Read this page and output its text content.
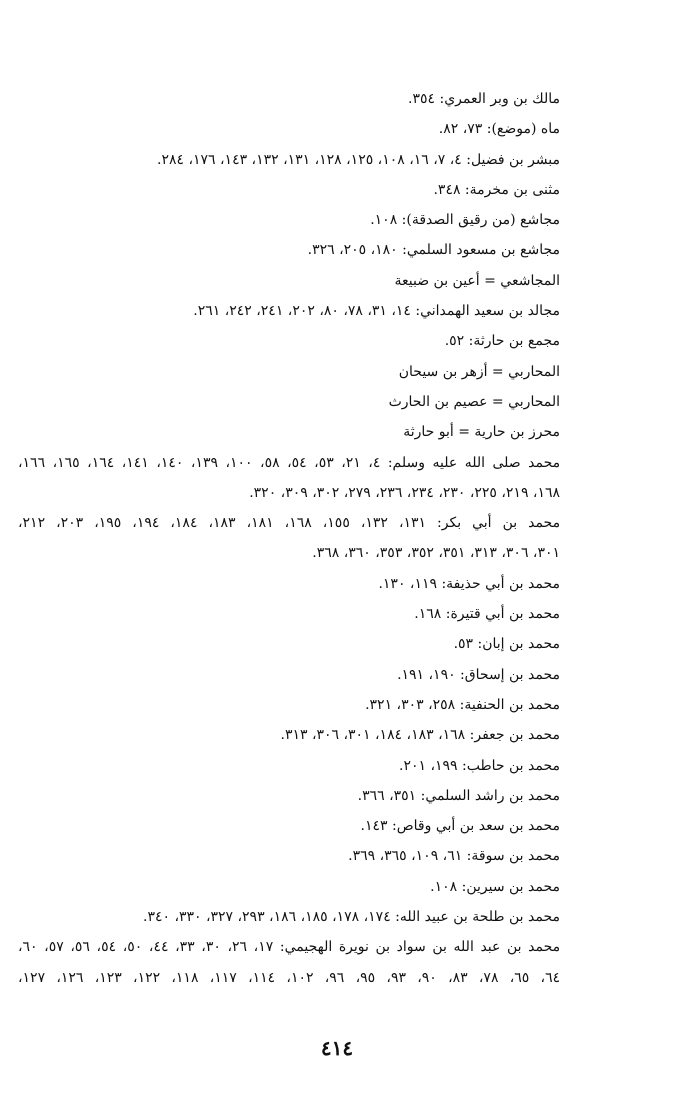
مالك بن وبر العمري: ٣٥٤.
ماه (موضع): ٧٣، ٨٢.
مبشر بن فضيل: ٤، ٧، ١٦، ١٠٨، ١٢٥، ١٢٨، ١٣١، ١٣٢، ١٤٣، ١٧٦، ٢٨٤.
مثنى بن مخرمة: ٣٤٨.
مجاشع (من رقيق الصدقة): ١٠٨.
مجاشع بن مسعود السلمي: ١٨٠، ٢٠٥، ٣٢٦.
المجاشعي = أعين بن ضبيعة
مجالد بن سعيد الهمداني: ١٤، ٣١، ٧٨، ٨٠، ٢٠٢، ٢٤١، ٢٤٢، ٢٦١.
مجمع بن حارثة: ٥٢.
المحاربي = أزهر بن سيحان
المحاربي = عصيم بن الحارث
محرز بن حارية = أبو حارثة
محمد صلى الله عليه وسلم: ٤، ٢١، ٥٣، ٥٤، ٥٨، ١٠٠، ١٣٩، ١٤٠، ١٤١، ١٦٤، ١٦٥، ١٦٦،
١٦٨، ٢١٩، ٢٢٥، ٢٣٠، ٢٣٤، ٢٣٦، ٢٧٩، ٣٠٢، ٣٠٩، ٣٢٠.
محمد بن أبي بكر: ١٣١، ١٣٢، ١٥٥، ١٦٨، ١٨١، ١٨٣، ١٨٤، ١٩٤، ١٩٥، ٢٠٣، ٢١٢،
٣٠١، ٣٠٦، ٣١٣، ٣٥١، ٣٥٢، ٣٥٣، ٣٦٠، ٣٦٨.
محمد بن أبي حذيفة: ١١٩، ١٣٠.
محمد بن أبي قتيرة: ١٦٨.
محمد بن إبان: ٥٣.
محمد بن إسحاق: ١٩٠، ١٩١.
محمد بن الحنفية: ٢٥٨، ٣٠٣، ٣٢١.
محمد بن جعفر: ١٦٨، ١٨٣، ١٨٤، ٣٠١، ٣٠٦، ٣١٣.
محمد بن حاطب: ١٩٩، ٢٠١.
محمد بن راشد السلمي: ٣٥١، ٣٦٦.
محمد بن سعد بن أبي وقاص: ١٤٣.
محمد بن سوقة: ٦١، ١٠٩، ٣٦٥، ٣٦٩.
محمد بن سيرين: ١٠٨.
محمد بن طلحة بن عبيد الله: ١٧٤، ١٧٨، ١٨٥، ١٨٦، ٢٩٣، ٣٢٧، ٣٣٠، ٣٤٠.
محمد بن عبد الله بن سواد بن نويرة الهجيمي: ١٧، ٢٦، ٣٠، ٣٣، ٤٤، ٥٠، ٥٤، ٥٦، ٥٧، ٦٠،
٦٤، ٦٥، ٧٨، ٨٣، ٩٠، ٩٣، ٩٥، ٩٦، ١٠٢، ١١٤، ١١٧، ١١٨، ١٢٢، ١٢٣، ١٢٦، ١٢٧،
٤١٤
